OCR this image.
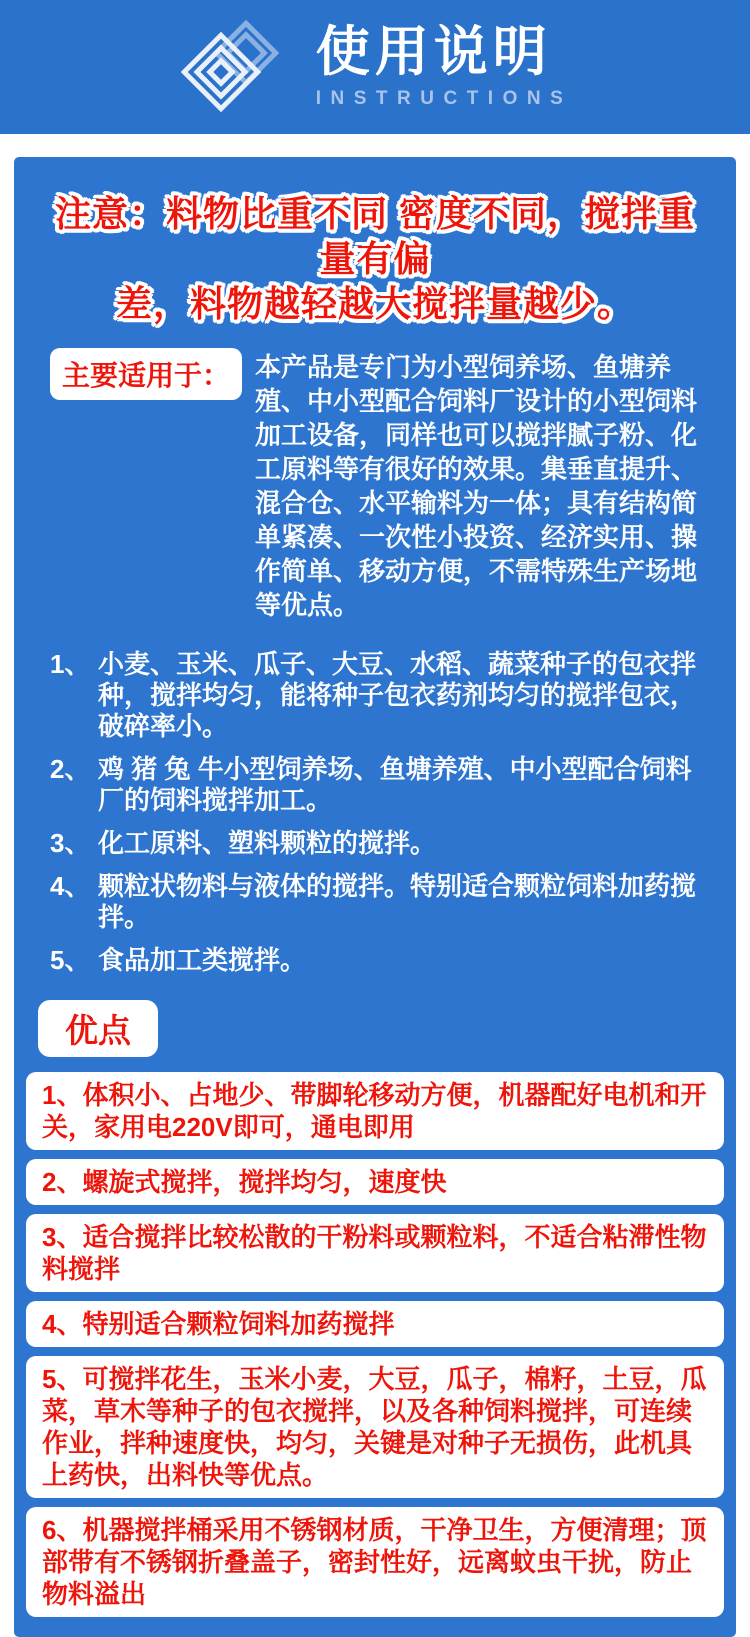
使用说明
INSTRUCTIONS
注意：料物比重不同 密度不同，搅拌重量有偏
差，料物越轻越大搅拌量越少。
主要适用于： 本产品是专门为小型饲养场、鱼塘养殖、中小型配合饲料厂设计的小型饲料加工设备，同样也可以搅拌腻子粉、化工原料等有很好的效果。集垂直提升、混合仓、水平输料为一体；具有结构简单紧凑、一次性小投资、经济实用、操作简单、移动方便，不需特殊生产场地等优点。

1、 小麦、玉米、瓜子、大豆、水稻、蔬菜种子的包衣拌种，搅拌均匀，能将种子包衣药剂均匀的搅拌包衣，破碎率小。
2、 鸡 猪 兔 牛小型饲养场、鱼塘养殖、中小型配合饲料厂的饲料搅拌加工。
3、 化工原料、塑料颗粒的搅拌。
4、 颗粒状物料与液体的搅拌。特别适合颗粒饲料加药搅拌。
5、 食品加工类搅拌。
优点
1、体积小、占地少、带脚轮移动方便，机器配好电机和开关，家用电220V即可，通电即用
2、螺旋式搅拌，搅拌均匀，速度快
3、适合搅拌比较松散的干粉料或颗粒料，不适合粘滞性物料搅拌
4、特别适合颗粒饲料加药搅拌
5、可搅拌花生，玉米小麦，大豆，瓜子，棉籽，土豆，瓜菜，草木等种子的包衣搅拌，以及各种饲料搅拌，可连续作业，拌种速度快，均匀，关键是对种子无损伤，此机具上药快，出料快等优点。
6、机器搅拌桶采用不锈钢材质，干净卫生，方便清理；顶部带有不锈钢折叠盖子，密封性好，远离蚊虫干扰，防止物料溢出
